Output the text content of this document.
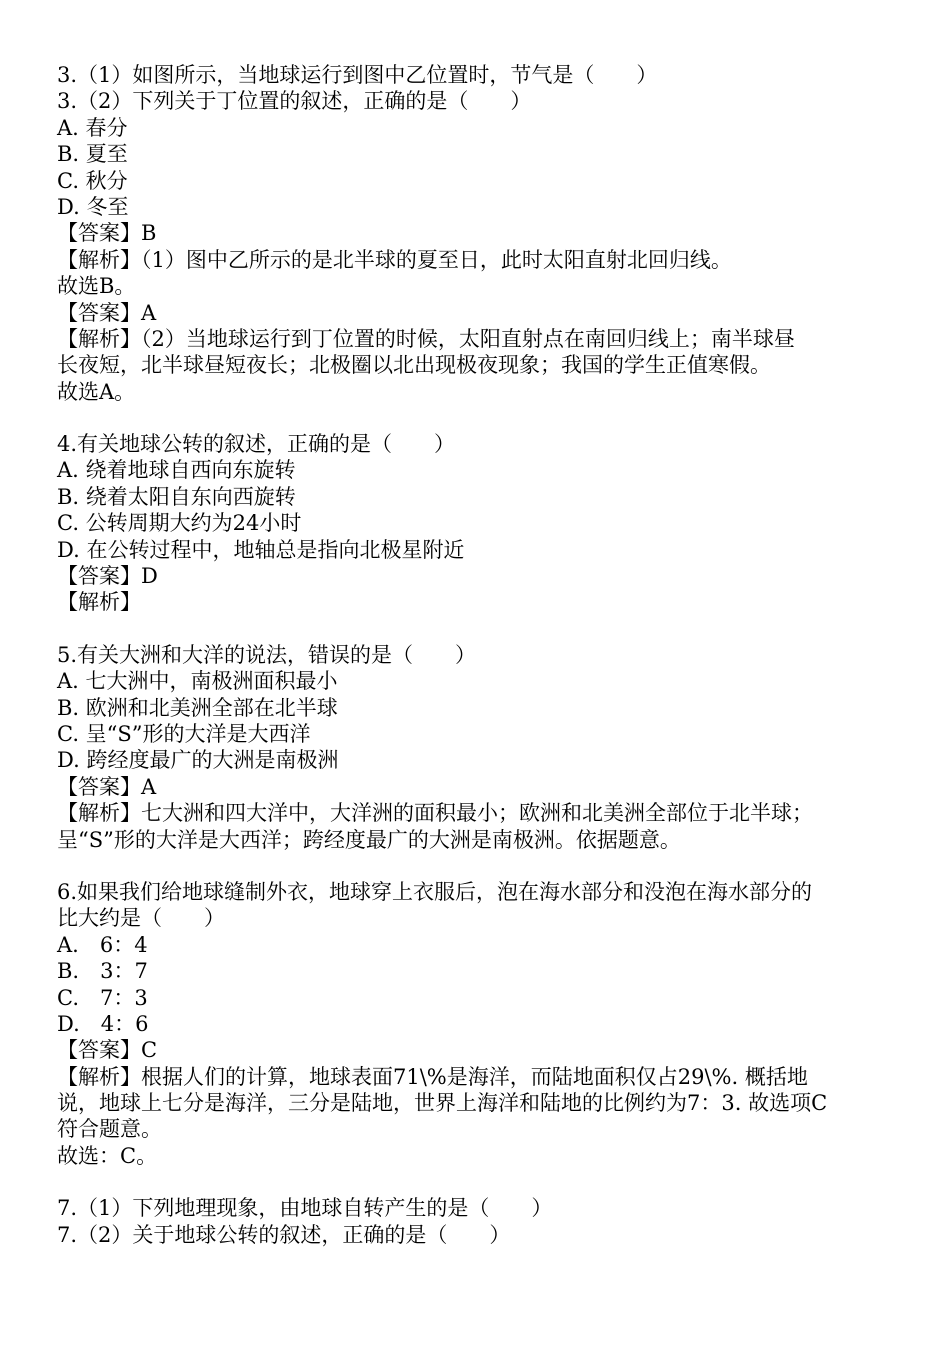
3.（1）如图所示，当地球运行到图中乙位置时，节气是（　　）
3.（2）下列关于丁位置的叙述，正确的是（　　）
A. 春分
B. 夏至
C. 秋分
D. 冬至
【答案】B
【解析】（1）图中乙所示的是北半球的夏至日，此时太阳直射北回归线。
故选B。
【答案】A
【解析】（2）当地球运行到丁位置的时候，太阳直射点在南回归线上；南半球昼
长夜短，北半球昼短夜长；北极圈以北出现极夜现象；我国的学生正值寒假。
故选A。
4.有关地球公转的叙述，正确的是（　　）
A. 绕着地球自西向东旋转
B. 绕着太阳自东向西旋转
C. 公转周期大约为24小时
D. 在公转过程中，地轴总是指向北极星附近
【答案】D
【解析】
5.有关大洲和大洋的说法，错误的是（　　）
A. 七大洲中，南极洲面积最小
B. 欧洲和北美洲全部在北半球
C. 呈“S”形的大洋是大西洋
D. 跨经度最广的大洲是南极洲
【答案】A
【解析】七大洲和四大洋中，大洋洲的面积最小；欧洲和北美洲全部位于北半球；
呈“S”形的大洋是大西洋；跨经度最广的大洲是南极洲。依据题意。
6.如果我们给地球缝制外衣，地球穿上衣服后，泡在海水部分和没泡在海水部分的
比大约是（　　）
A.　6：4
B.　3：7
C.　7：3
D.　4：6
【答案】C
【解析】根据人们的计算，地球表面71\%是海洋，而陆地面积仅占29\%. 概括地
说，地球上七分是海洋，三分是陆地，世界上海洋和陆地的比例约为7：3. 故选项C
符合题意。
故选：C。
7.（1）下列地理现象，由地球自转产生的是（　　）
7.（2）关于地球公转的叙述，正确的是（　　）
